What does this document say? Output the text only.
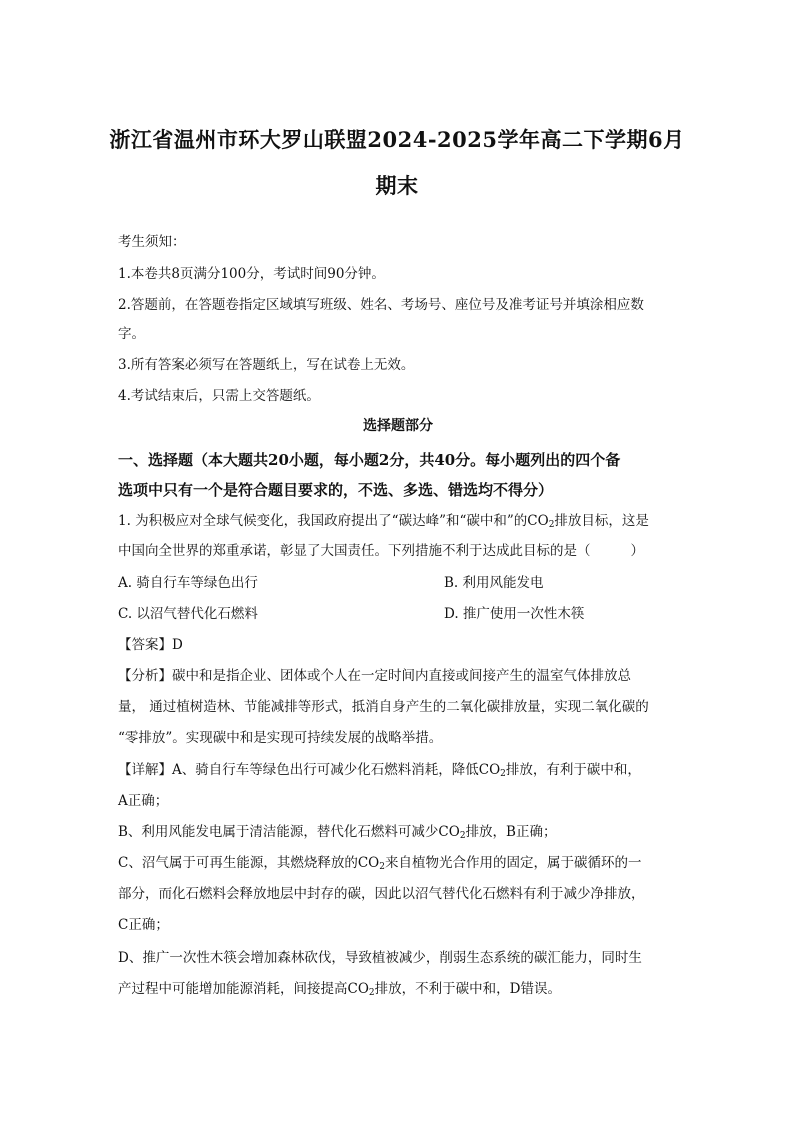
浙江省温州市环大罗山联盟2024-2025学年高二下学期6月
期末
考生须知：
1.本卷共8页满分100分，考试时间90分钟。
2.答题前，在答题卷指定区域填写班级、姓名、考场号、座位号及准考证号并填涂相应数
字。
3.所有答案必须写在答题纸上，写在试卷上无效。
4.考试结束后，只需上交答题纸。
选择题部分
一、选择题（本大题共20小题，每小题2分，共40分。每小题列出的四个备
选项中只有一个是符合题目要求的，不选、多选、错选均不得分）
1. 为积极应对全球气候变化，我国政府提出了“碳达峰”和“碳中和”的$CO_2$排放目标，这是
中国向全世界的郑重承诺，彰显了大国责任。下列措施不利于达成此目标的是（	）
A. 骑自行车等绿色出行	B. 利用风能发电
C. 以沼气替代化石燃料	D. 推广使用一次性木筷
【答案】D
【分析】碳中和是指企业、团体或个人在一定时间内直接或间接产生的温室气体排放总
量， 通过植树造林、节能减排等形式，抵消自身产生的二氧化碳排放量，实现二氧化碳的
“零排放”。实现碳中和是实现可持续发展的战略举措。
【详解】A、骑自行车等绿色出行可减少化石燃料消耗，降低$CO_2$排放，有利于碳中和，
A正确；
B、利用风能发电属于清洁能源，替代化石燃料可减少$CO_2$排放，B正确；
C、沼气属于可再生能源，其燃烧释放的$CO_2$来自植物光合作用的固定，属于碳循环的一
部分，而化石燃料会释放地层中封存的碳，因此以沼气替代化石燃料有利于减少净排放，
C正确；
D、推广一次性木筷会增加森林砍伐，导致植被减少，削弱生态系统的碳汇能力，同时生
产过程中可能增加能源消耗，间接提高$CO_2$排放，不利于碳中和，D错误。
